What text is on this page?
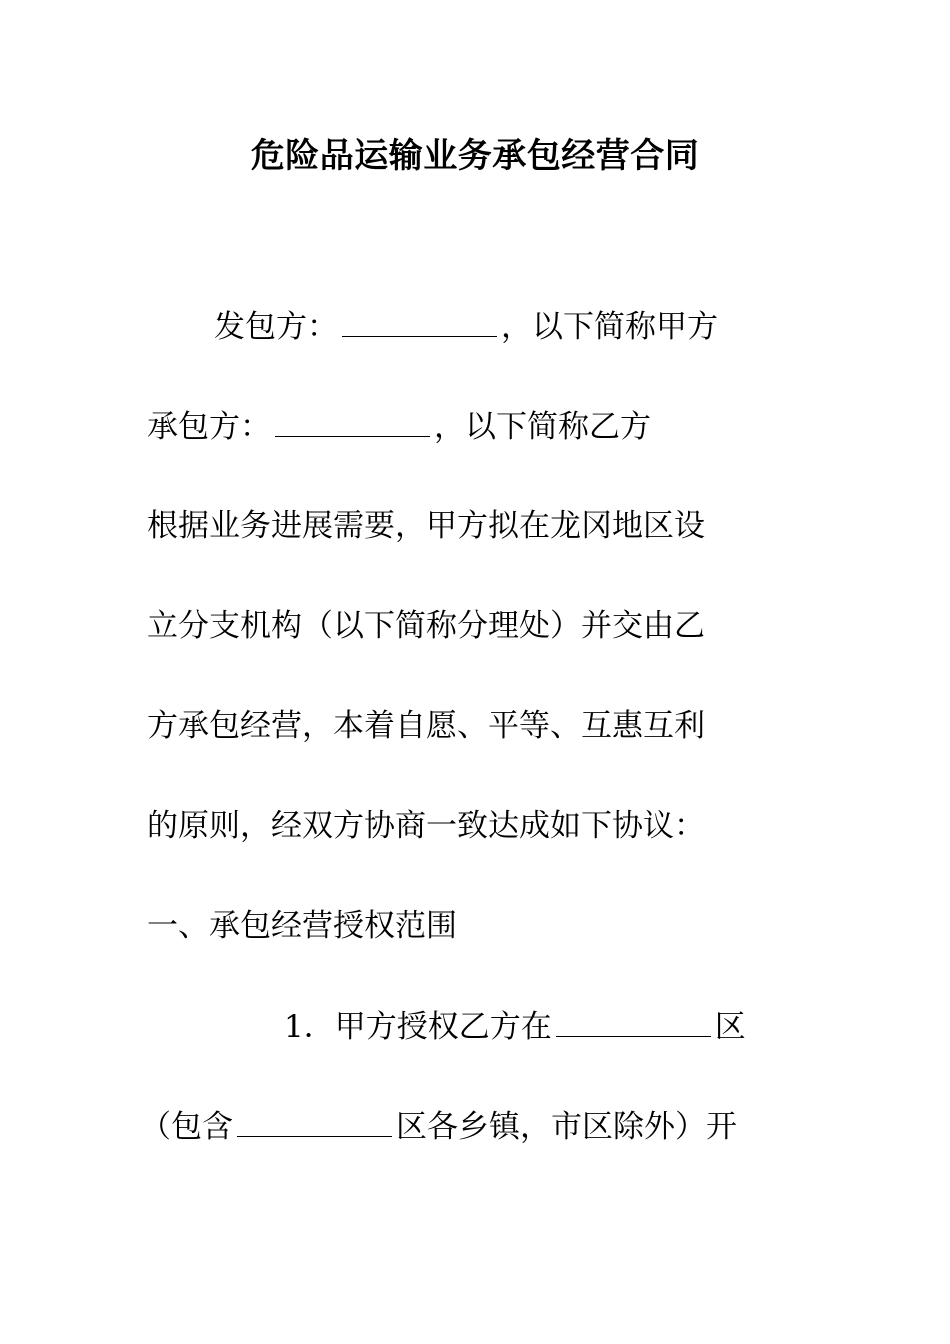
危险品运输业务承包经营合同
发包方：	，以下简称甲方
承包方：	，以下简称乙方
根据业务进展需要，甲方拟在龙冈地区设
立分支机构（以下简称分理处）并交由乙
方承包经营，本着自愿、平等、互惠互利
的原则，经双方协商一致达成如下协议：
一、承包经营授权范围
1．甲方授权乙方在	区
（包含	区各乡镇，市区除外）开
